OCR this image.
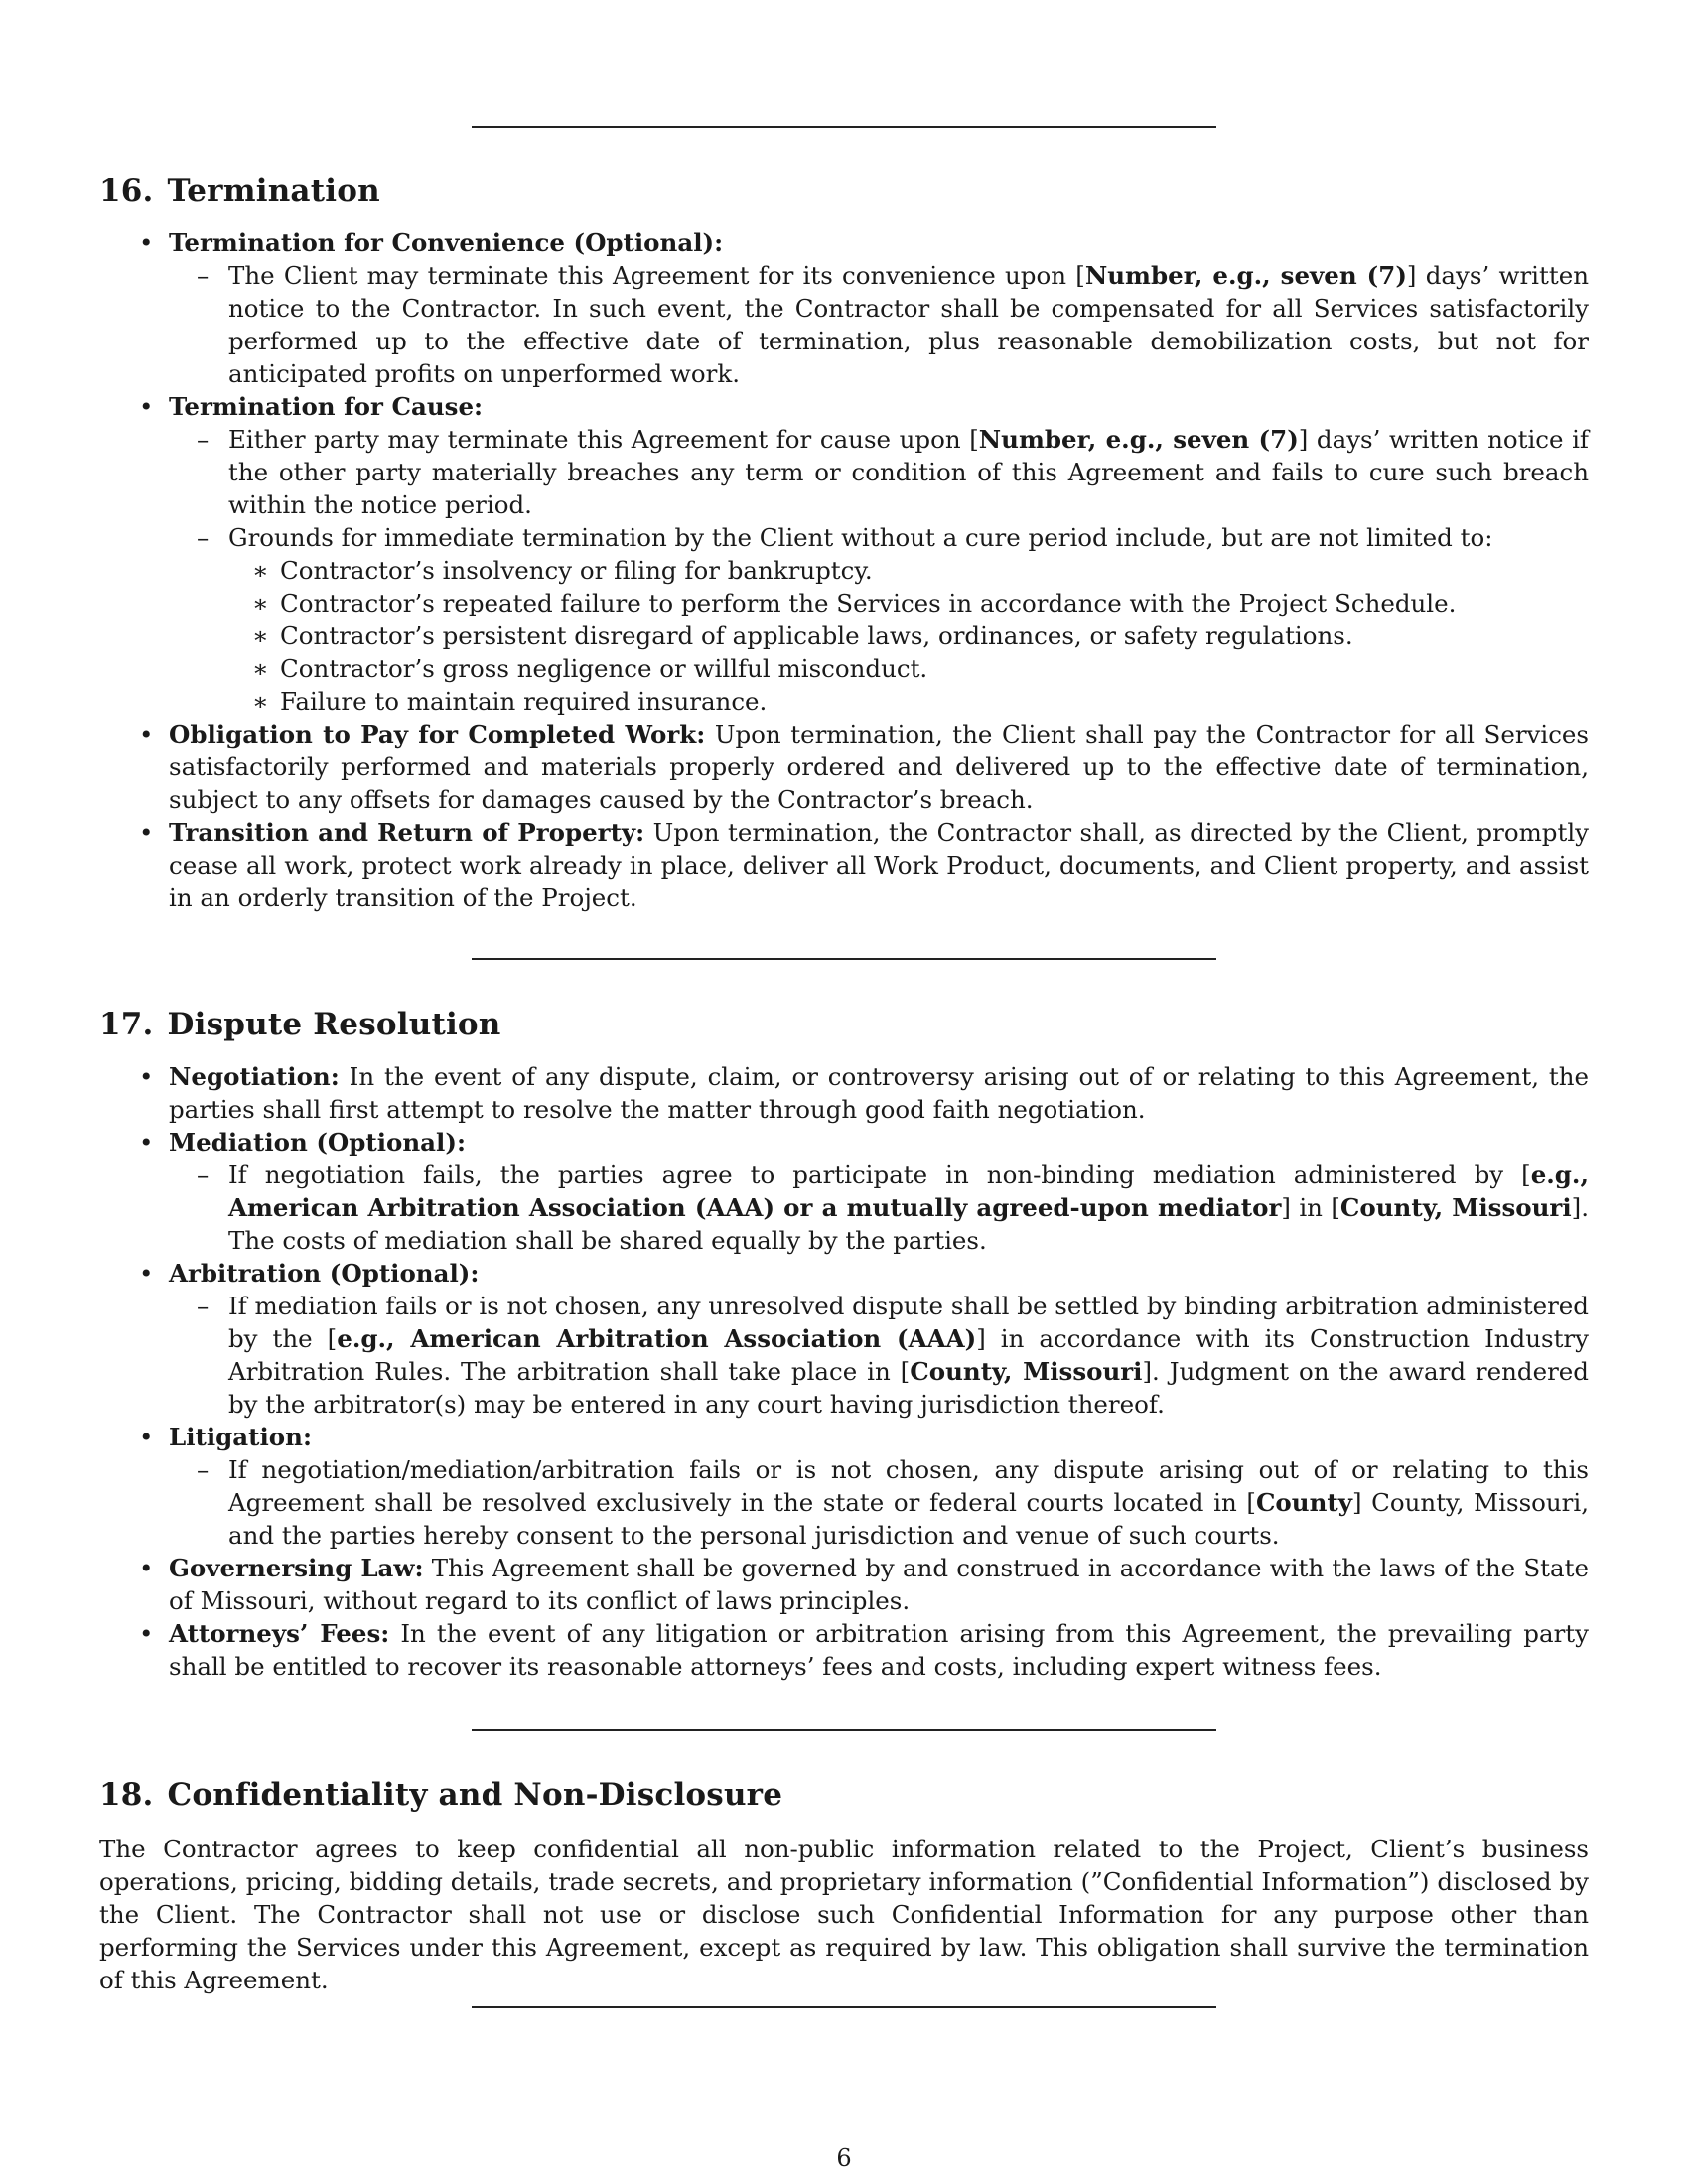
16. Termination
• Termination for Convenience (Optional):
– The Client may terminate this Agreement for its convenience upon [Number, e.g., seven (7)] days’ written notice to the Contractor. In such event, the Contractor shall be compensated for all Services satisfactorily performed up to the effective date of termination, plus reasonable demobilization costs, but not for anticipated profits on unperformed work.
• Termination for Cause:
– Either party may terminate this Agreement for cause upon [Number, e.g., seven (7)] days’ written notice if the other party materially breaches any term or condition of this Agreement and fails to cure such breach within the notice period.
– Grounds for immediate termination by the Client without a cure period include, but are not limited to:
∗ Contractor’s insolvency or filing for bankruptcy.
∗ Contractor’s repeated failure to perform the Services in accordance with the Project Schedule.
∗ Contractor’s persistent disregard of applicable laws, ordinances, or safety regulations.
∗ Contractor’s gross negligence or willful misconduct.
∗ Failure to maintain required insurance.
• Obligation to Pay for Completed Work: Upon termination, the Client shall pay the Contractor for all Services satisfactorily performed and materials properly ordered and delivered up to the effective date of termination, subject to any offsets for damages caused by the Contractor’s breach.
• Transition and Return of Property: Upon termination, the Contractor shall, as directed by the Client, promptly cease all work, protect work already in place, deliver all Work Product, documents, and Client property, and assist in an orderly transition of the Project.
17. Dispute Resolution
• Negotiation: In the event of any dispute, claim, or controversy arising out of or relating to this Agreement, the parties shall first attempt to resolve the matter through good faith negotiation.
• Mediation (Optional):
– If negotiation fails, the parties agree to participate in non-binding mediation administered by [e.g., American Arbitration Association (AAA) or a mutually agreed-upon mediator] in [County, Missouri]. The costs of mediation shall be shared equally by the parties.
• Arbitration (Optional):
– If mediation fails or is not chosen, any unresolved dispute shall be settled by binding arbitration administered by the [e.g., American Arbitration Association (AAA)] in accordance with its Construction Industry Arbitration Rules. The arbitration shall take place in [County, Missouri]. Judgment on the award rendered by the arbitrator(s) may be entered in any court having jurisdiction thereof.
• Litigation:
– If negotiation/mediation/arbitration fails or is not chosen, any dispute arising out of or relating to this Agreement shall be resolved exclusively in the state or federal courts located in [County] County, Missouri, and the parties hereby consent to the personal jurisdiction and venue of such courts.
• Governersing Law: This Agreement shall be governed by and construed in accordance with the laws of the State of Missouri, without regard to its conflict of laws principles.
• Attorneys’ Fees: In the event of any litigation or arbitration arising from this Agreement, the prevailing party shall be entitled to recover its reasonable attorneys’ fees and costs, including expert witness fees.
18. Confidentiality and Non-Disclosure

The Contractor agrees to keep confidential all non-public information related to the Project, Client’s business operations, pricing, bidding details, trade secrets, and proprietary information (”Confidential Information”) disclosed by the Client. The Contractor shall not use or disclose such Confidential Information for any purpose other than performing the Services under this Agreement, except as required by law. This obligation shall survive the termination of this Agreement.

6
